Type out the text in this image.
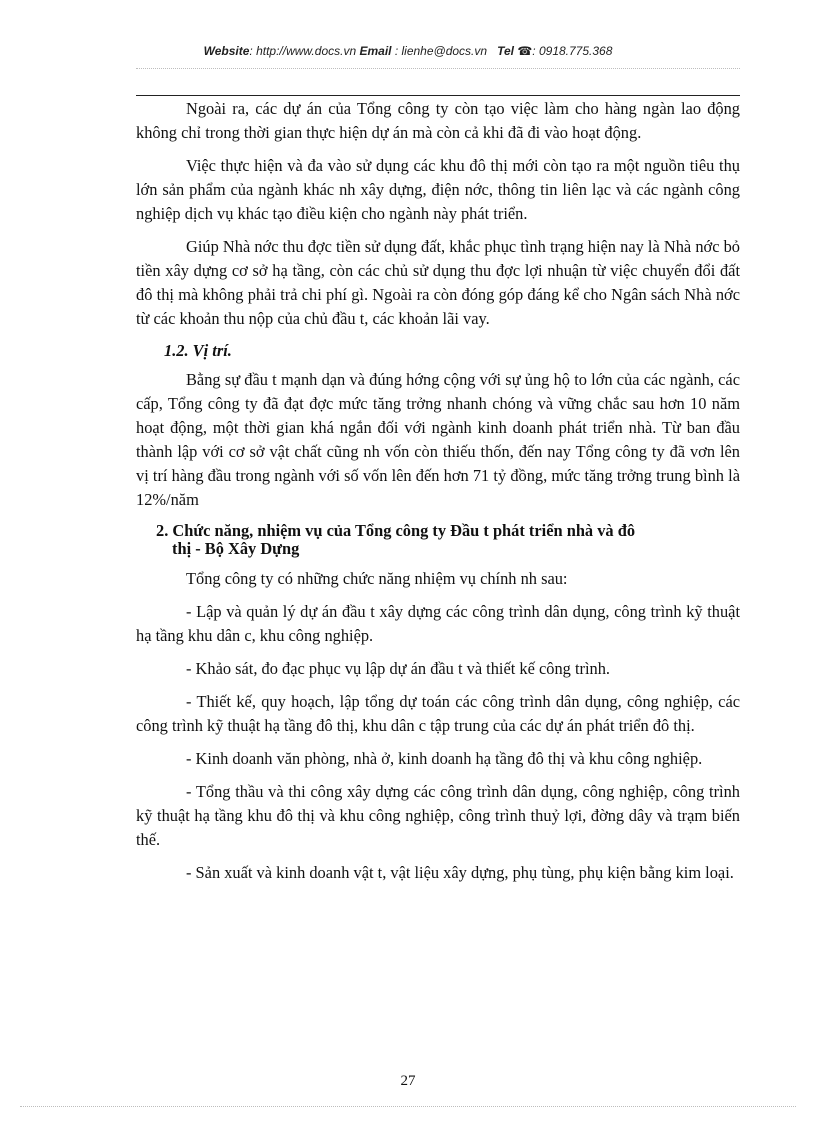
Website: http://www.docs.vn Email : lienhe@docs.vn Tel ☎: 0918.775.368

Ngoài ra, các dự án của Tổng công ty còn tạo việc làm cho hàng ngàn lao động không chỉ trong thời gian thực hiện dự án mà còn cả khi đã đi vào hoạt động.

Việc thực hiện và đa vào sử dụng các khu đô thị mới còn tạo ra một nguồn tiêu thụ lớn sản phẩm của ngành khác nh xây dựng, điện nớc, thông tin liên lạc và các ngành công nghiệp dịch vụ khác tạo điều kiện cho ngành này phát triển.

Giúp Nhà nớc thu đợc tiền sử dụng đất, khắc phục tình trạng hiện nay là Nhà nớc bỏ tiền xây dựng cơ sở hạ tầng, còn các chủ sử dụng thu đợc lợi nhuận từ việc chuyển đổi đất đô thị mà không phải trả chi phí gì. Ngoài ra còn đóng góp đáng kể cho Ngân sách Nhà nớc từ các khoản thu nộp của chủ đầu t, các khoản lãi vay.

1.2. Vị trí.

Bằng sự đầu t mạnh dạn và đúng hớng cộng với sự ủng hộ to lớn của các ngành, các cấp, Tổng công ty đã đạt đợc mức tăng trởng nhanh chóng và vững chắc sau hơn 10 năm hoạt động, một thời gian khá ngắn đối với ngành kinh doanh phát triển nhà. Từ ban đầu thành lập với cơ sở vật chất cũng nh vốn còn thiếu thốn, đến nay Tổng công ty đã vơn lên vị trí hàng đầu trong ngành với số vốn lên đến hơn 71 tỷ đồng, mức tăng trởng trung bình là 12%/năm

2. Chức năng, nhiệm vụ của Tổng công ty Đầu t phát triển nhà và đô
thị - Bộ Xây Dựng

Tổng công ty có những chức năng nhiệm vụ chính nh sau:

- Lập và quản lý dự án đầu t xây dựng các công trình dân dụng, công trình kỹ thuật hạ tầng khu dân c, khu công nghiệp.

- Khảo sát, đo đạc phục vụ lập dự án đầu t và thiết kế công trình.

- Thiết kế, quy hoạch, lập tổng dự toán các công trình dân dụng, công nghiệp, các công trình kỹ thuật hạ tầng đô thị, khu dân c tập trung của các dự án phát triển đô thị.

- Kinh doanh văn phòng, nhà ở, kinh doanh hạ tầng đô thị và khu công nghiệp.

- Tổng thầu và thi công xây dựng các công trình dân dụng, công nghiệp, công trình kỹ thuật hạ tầng khu đô thị và khu công nghiệp, công trình thuỷ lợi, đờng dây và trạm biến thế.

- Sản xuất và kinh doanh vật t, vật liệu xây dựng, phụ tùng, phụ kiện bằng kim loại.

27
